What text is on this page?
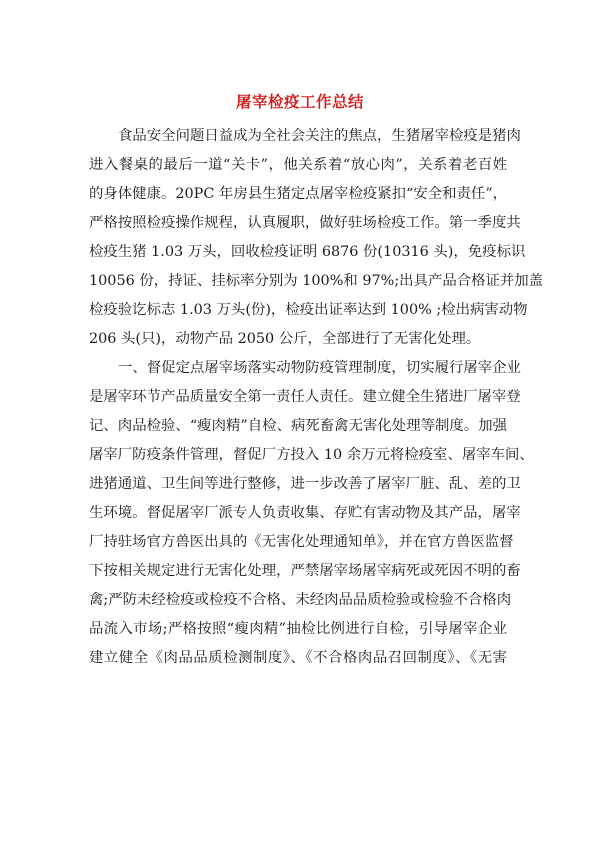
屠宰检疫工作总结

食品安全问题日益成为全社会关注的焦点，生猪屠宰检疫是猪肉
进入餐桌的最后一道“关卡”，他关系着“放心肉”，关系着老百姓
的身体健康。20PC 年房县生猪定点屠宰检疫紧扣“安全和责任”，
严格按照检疫操作规程，认真履职，做好驻场检疫工作。第一季度共
检疫生猪 1.03 万头，回收检疫证明 6876 份(10316 头)，免疫标识
10056 份，持证、挂标率分别为 100%和 97%;出具产品合格证并加盖
检疫验讫标志 1.03 万头(份)，检疫出证率达到 100% ;检出病害动物
206 头(只)，动物产品 2050 公斤，全部进行了无害化处理。

一、督促定点屠宰场落实动物防疫管理制度，切实履行屠宰企业
是屠宰环节产品质量安全第一责任人责任。建立健全生猪进厂屠宰登
记、肉品检验、“瘦肉精”自检、病死畜禽无害化处理等制度。加强
屠宰厂防疫条件管理，督促厂方投入 10 余万元将检疫室、屠宰车间、
进猪通道、卫生间等进行整修，进一步改善了屠宰厂脏、乱、差的卫
生环境。督促屠宰厂派专人负责收集、存贮有害动物及其产品，屠宰
厂持驻场官方兽医出具的《无害化处理通知单》，并在官方兽医监督
下按相关规定进行无害化处理，严禁屠宰场屠宰病死或死因不明的畜
禽;严防未经检疫或检疫不合格、未经肉品品质检验或检验不合格肉
品流入市场;严格按照“瘦肉精”抽检比例进行自检，引导屠宰企业
建立健全《肉品品质检测制度》、《不合格肉品召回制度》、《无害
